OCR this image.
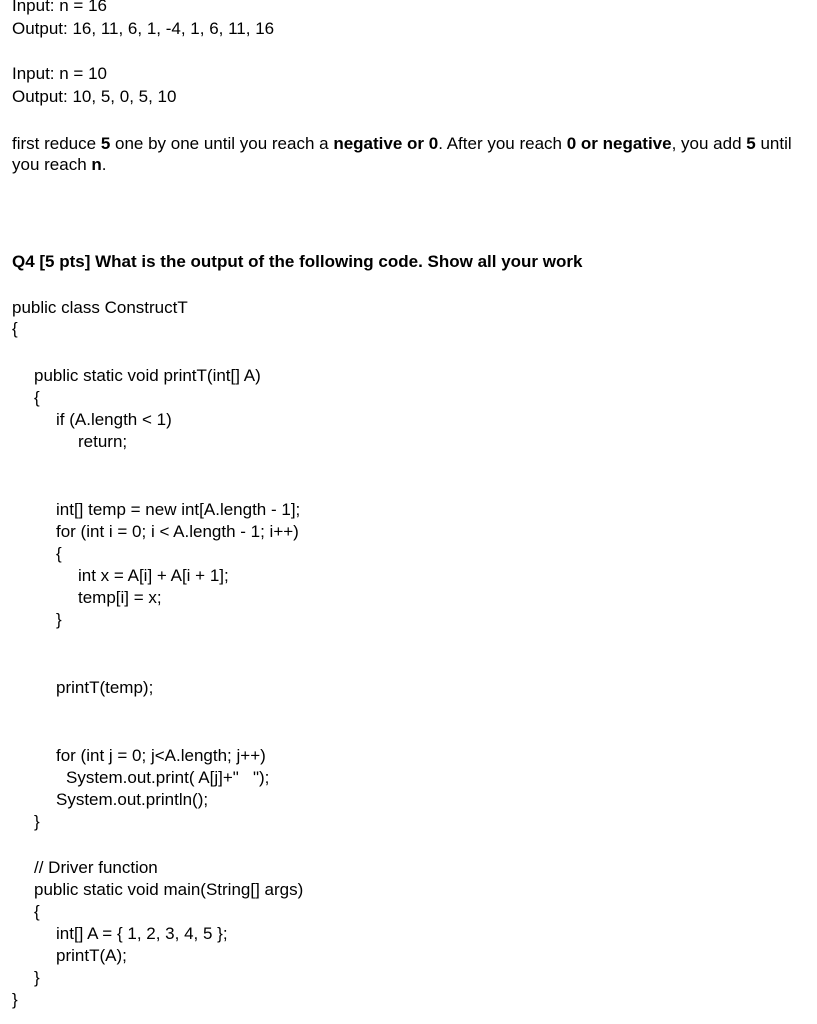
Input: n = 16

Output: 16, 11, 6, 1, -4, 1, 6, 11, 16

Input: n = 10

Output: 10, 5, 0, 5, 10

first reduce 5 one by one until you reach a negative or 0. After you reach 0 or negative, you add 5 until you reach n.

Q4 [5 pts] What is the output of the following code. Show all your work

public class ConstructT

{

public static void printT(int[] A)

{

if (A.length < 1)

return;

int[] temp = new int[A.length - 1];

for (int i = 0; i < A.length - 1; i++)

{

int x = A[i] + A[i + 1];

temp[i] = x;

}

printT(temp);

for (int j = 0; j<A.length; j++)

System.out.print( A[j]+"   ");

System.out.println();

}

// Driver function

public static void main(String[] args)

{

int[] A = { 1, 2, 3, 4, 5 };

printT(A);

}

}
